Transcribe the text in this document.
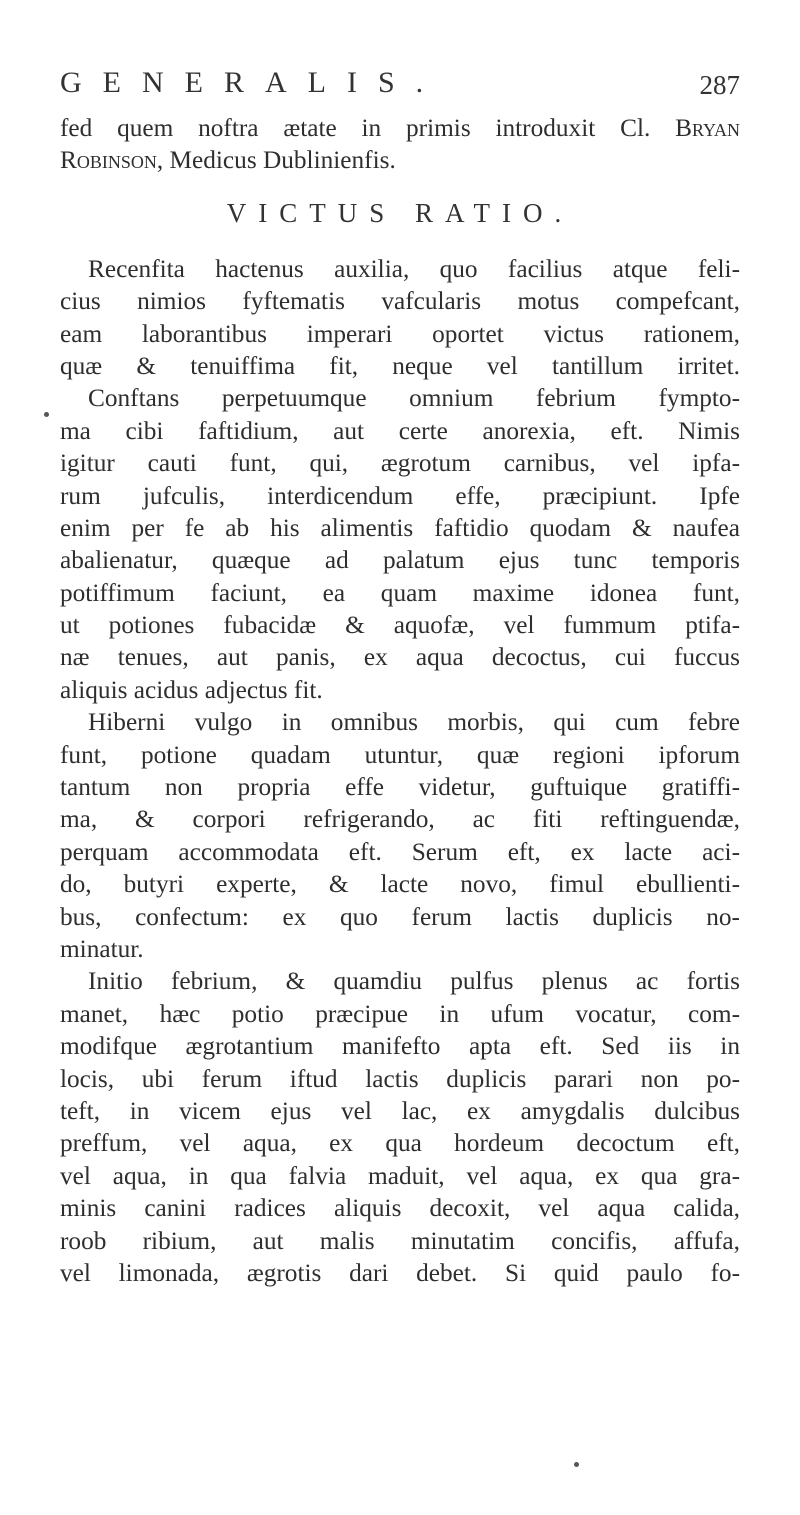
GENERALIS.	287
fed quem noftra ætate in primis introduxit Cl. Bryan
Robinson, Medicus Dublinienfis.
VICTUS RATIO.
Recenfita hactenus auxilia, quo facilius atque feli-
cius nimios fyftematis vafcularis motus compefcant,
eam laborantibus imperari oportet victus rationem,
quæ & tenuiffima fit, neque vel tantillum irritet.
Conftans perpetuumque omnium febrium fympto-
ma cibi faftidium, aut certe anorexia, eft. Nimis
igitur cauti funt, qui, ægrotum carnibus, vel ipfa-
rum jufculis, interdicendum effe, præcipiunt. Ipfe
enim per fe ab his alimentis faftidio quodam & naufea
abalienatur, quæque ad palatum ejus tunc temporis
potiffimum faciunt, ea quam maxime idonea funt,
ut potiones fubacidæ & aquofæ, vel fummum ptifa-
næ tenues, aut panis, ex aqua decoctus, cui fuccus
aliquis acidus adjectus fit.
Hiberni vulgo in omnibus morbis, qui cum febre
funt, potione quadam utuntur, quæ regioni ipforum
tantum non propria effe videtur, guftuique gratiffi-
ma, & corpori refrigerando, ac fiti reftinguendæ,
perquam accommodata eft. Serum eft, ex lacte aci-
do, butyri experte, & lacte novo, fimul ebullienti-
bus, confectum: ex quo ferum lactis duplicis no-
minatur.
Initio febrium, & quamdiu pulfus plenus ac fortis
manet, hæc potio præcipue in ufum vocatur, com-
modifque ægrotantium manifefto apta eft. Sed iis in
locis, ubi ferum iftud lactis duplicis parari non po-
teft, in vicem ejus vel lac, ex amygdalis dulcibus
preffum, vel aqua, ex qua hordeum decoctum eft,
vel aqua, in qua falvia maduit, vel aqua, ex qua gra-
minis canini radices aliquis decoxit, vel aqua calida,
roob ribium, aut malis minutatim concifis, affufa,
vel limonada, ægrotis dari debet. Si quid paulo fo-
